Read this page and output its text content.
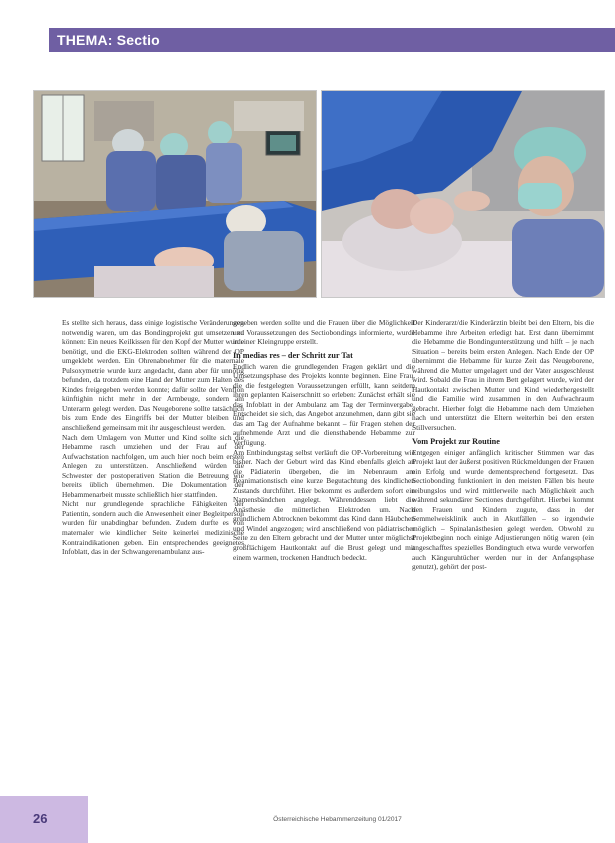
THEMA: Sectio

Es stellte sich heraus, dass einige logistische Veränderungen notwendig waren, um das Bondingprojekt gut umsetzen zu können: Ein neues Keilkissen für den Kopf der Mutter wurde benötigt, und die EKG-Elektroden sollten während der OP umgeklebt werden. Ein Ohrenabnehmer für die maternale Pulsoxymetrie wurde kurz angedacht, dann aber für unnötig befunden, da trotzdem eine Hand der Mutter zum Halten des Kindes freigegeben werden konnte; dafür sollte der Venflon künftighin nicht mehr in der Armbeuge, sondern am Unterarm gelegt werden. Das Neugeborene sollte tatsächlich bis zum Ende des Eingriffs bei der Mutter bleiben und anschließend gemeinsam mit ihr ausgeschleust werden.

Nach dem Umlagern von Mutter und Kind sollte sich die Hebamme rasch umziehen und der Frau auf der Aufwachstation nachfolgen, um auch hier noch beim ersten Anlegen zu unterstützen. Anschließend würden die Schwester der postoperativen Station die Betreuung wie bereits üblich übernehmen. Die Dokumentation der Hebammenarbeit musste schließlich hier stattfinden.

Nicht nur grundlegende sprachliche Fähigkeiten der Patientin, sondern auch die Anwesenheit einer Begleitperson wurden für unabdingbar befunden. Zudem durfte es von maternaler wie kindlicher Seite keinerlei medizinische Kontraindikationen geben. Ein entsprechendes geeignetes Infoblatt, das in der Schwangerenambulanz aus-

gegeben werden sollte und die Frauen über die Möglichkeit und Voraussetzungen des Sectiobondings informierte, wurde in einer Kleingruppe erstellt.

In medias res – der Schritt zur Tat

Endlich waren die grundlegenden Fragen geklärt und die Umsetzungsphase des Projekts konnte beginnen. Eine Frau, die die festgelegten Voraussetzungen erfüllt, kann seitdem ihren geplanten Kaiserschnitt so erleben: Zunächst erhält sie das Infoblatt in der Ambulanz am Tag der Terminvergabe. Entscheidet sie sich, das Angebot anzunehmen, dann gibt sie das am Tag der Aufnahme bekannt – für Fragen stehen der aufnehmende Arzt und die diensthabende Hebamme zur Verfügung.

Am Entbindungstag selbst verläuft die OP-Vorbereitung wie bisher. Nach der Geburt wird das Kind ebenfalls gleich an die Pädiaterin übergeben, die im Nebenraum am Reanimationstisch eine kurze Begutachtung des kindlichen Zustands durchführt. Hier bekommt es außerdem sofort ein Namensbändchen angelegt. Währenddessen liebt die Anästhesie die mütterlichen Elektroden um. Nach gründlichem Abtrocknen bekommt das Kind dann Häubchen und Windel angezogen; wird anschließend von pädiatrischer Seite zu den Eltern gebracht und der Mutter unter möglichst großflächigem Hautkontakt auf die Brust gelegt und mit einem warmen, trockenen Handtuch bedeckt.

Der Kinderarzt/die Kinderärztin bleibt bei den Eltern, bis die Hebamme ihre Arbeiten erledigt hat. Erst dann übernimmt die Hebamme die Bondingunterstützung und hilft – je nach Situation – bereits beim ersten Anlegen. Nach Ende der OP übernimmt die Hebamme für kurze Zeit das Neugeborene, während die Mutter umgelagert und der Vater ausgeschleust wird. Sobald die Frau in ihrem Bett gelagert wurde, wird der Hautkontakt zwischen Mutter und Kind wiederhergestellt und die Familie wird zusammen in den Aufwachraum gebracht. Hierher folgt die Hebamme nach dem Umziehen nach und unterstützt die Eltern weiterhin bei den ersten Stillversuchen.

Vom Projekt zur Routine

Entgegen einiger anfänglich kritischer Stimmen war das Projekt laut der äußerst positiven Rückmeldungen der Frauen ein Erfolg und wurde dementsprechend fortgesetzt. Das Sectiobonding funktioniert in den meisten Fällen bis heute reibungslos und wird mittlerweile nach Möglichkeit auch während sekundärer Sectiones durchgeführt. Hierbei kommt den Frauen und Kindern zugute, dass in der Semmelweisklinik auch in Akutfällen – so irgendwie möglich – Spinalanästhesien gelegt werden. Obwohl zu Projektbeginn noch einige Adjustierungen nötig waren (ein angeschafftes spezielles Bondingtuch etwa wurde verworfen auch Känguruhtücher werden nur in der Anfangsphase genutzt), gehört der post-

26	Österreichische Hebammenzeitung 01/2017
